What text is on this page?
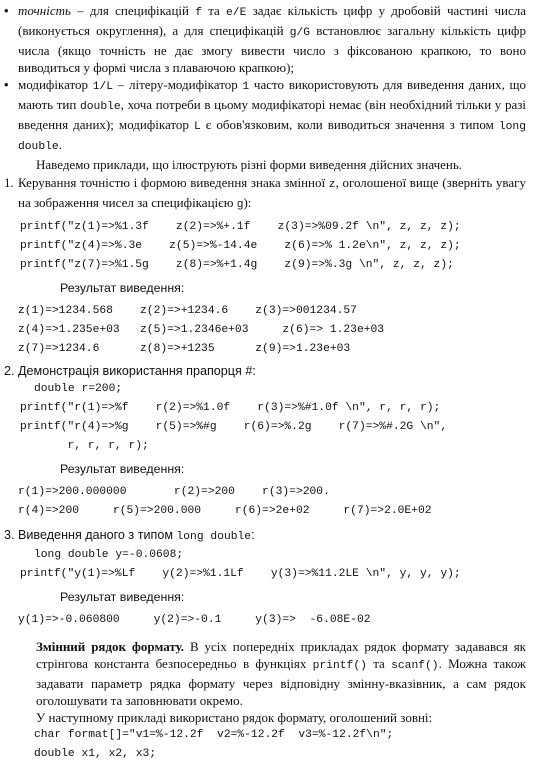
• точність – для специфікацій f та e/E задає кількість цифр у дробовій частині числа (виконується округлення), а для специфікацій g/G встановлює загальну кількість цифр числа (якщо точність не дає змогу вивести число з фіксованою крапкою, то воно виводиться у формі числа з плаваючою крапкою);

• модифікатор 1/L – літеру-модифікатор 1 часто використовують для виведення даних, що мають тип double, хоча потреби в цьому модифікаторі немає (він необхідний тільки у разі введення даних); модифікатор L є обов'язковим, коли виводиться значення з типом long double.

Наведемо приклади, що ілюструють різні форми виведення дійсних значень.

1. Керування точністю і формою виведення знака змінної z, оголошеної вище (зверніть увагу на зображення чисел за специфікацією g):

printf("z(1)=>%1.3f    z(2)=>%+.1f    z(3)=>%09.2f \n", z, z, z);
printf("z(4)=>%.3e    z(5)=>%-14.4e    z(6)=>% 1.2e\n", z, z, z);
printf("z(7)=>%1.5g    z(8)=>%+1.4g    z(9)=>%.3g \n", z, z, z);
Результат виведення:
z(1)=>1234.568    z(2)=>+1234.6    z(3)=>001234.57
z(4)=>1.235e+03   z(5)=>1.2346e+03     z(6)=> 1.23e+03
z(7)=>1234.6      z(8)=>+1235      z(9)=>1.23e+03

2. Демонстрація використання прапорця #:

double r=200;
printf("r(1)=>%f    r(2)=>%1.0f    r(3)=>%#1.0f \n", r, r, r);
printf("r(4)=>%g    r(5)=>%#g    r(6)=>%.2g    r(7)=>%#.2G \n",
r, r, r, r);
Результат виведення:
r(1)=>200.000000       r(2)=>200    r(3)=>200.
r(4)=>200     r(5)=>200.000     r(6)=>2e+02     r(7)=>2.0E+02

3. Виведення даного з типом long double:

long double y=-0.0608;
printf("y(1)=>%Lf    y(2)=>%1.1Lf    y(3)=>%11.2LE \n", y, y, y);
Результат виведення:
y(1)=>-0.060800     y(2)=>-0.1     y(3)=>  -6.08E-02

Змінний рядок формату. В усіх попередніх прикладах рядок формату задавався як стрінгова константа безпосередньо в функціях printf() та scanf(). Можна також задавати параметр рядка формату через відповідну змінну-вказівник, а сам рядок оголошувати та заповнювати окремо.

У наступному прикладі використано рядок формату, оголошений зовні:

char format[]="v1=%-12.2f  v2=%-12.2f  v3=%-12.2f\n";
double x1, x2, x3;
